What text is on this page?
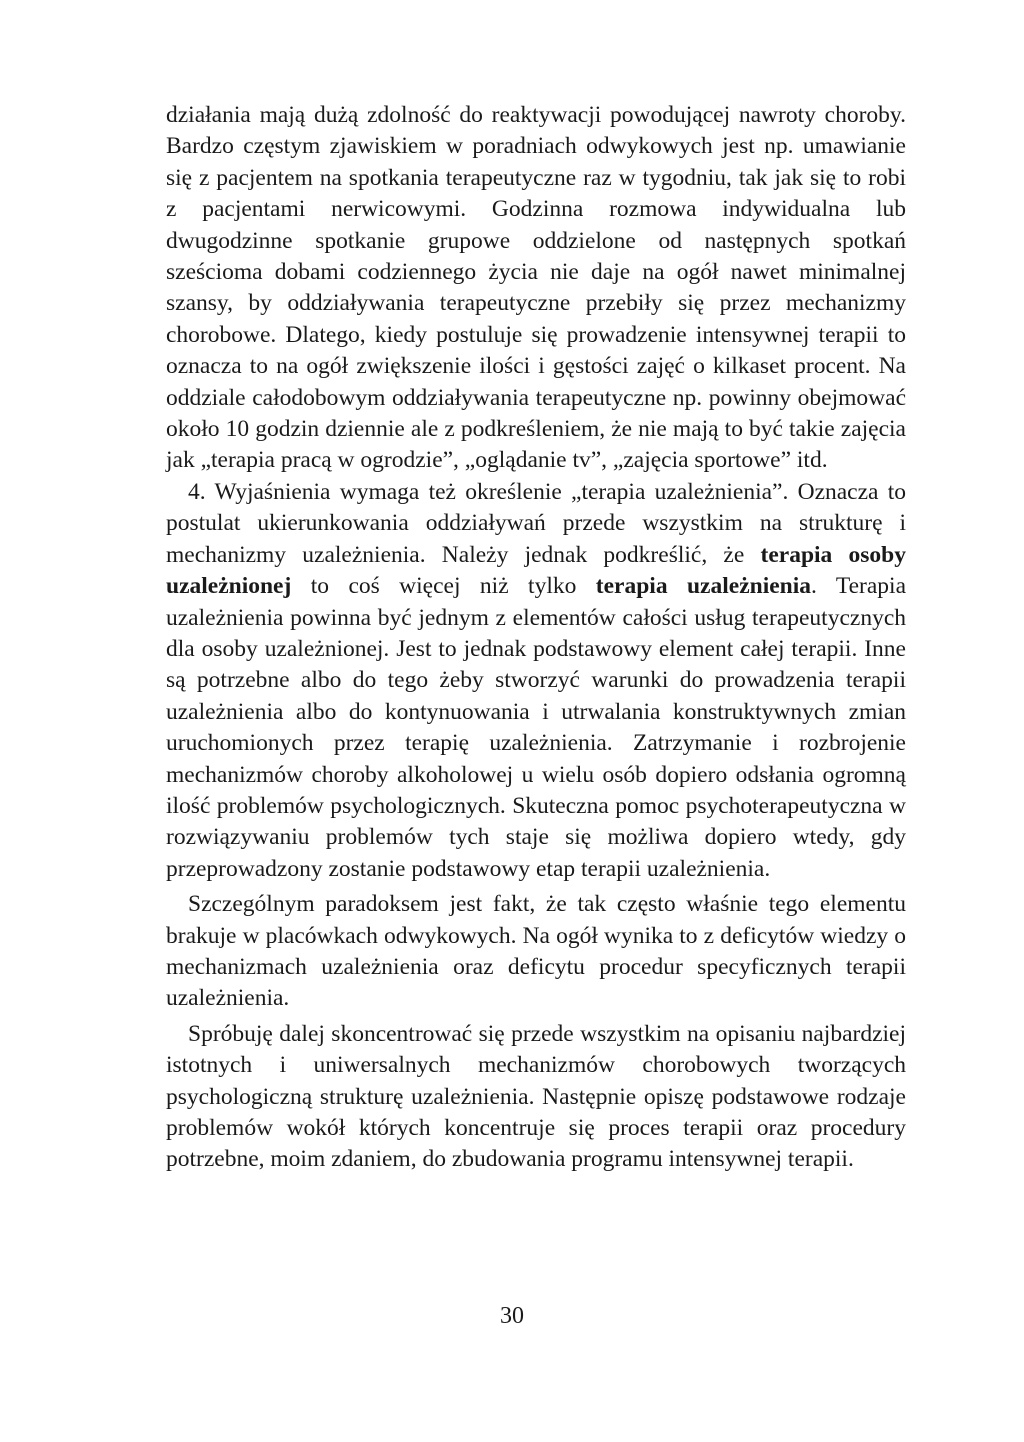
działania mają dużą zdolność do reaktywacji powodującej nawroty choroby. Bardzo częstym zjawiskiem w poradniach odwykowych jest np. umawianie się z pacjentem na spotkania terapeutyczne raz w tygodniu, tak jak się to robi z pacjentami nerwicowymi. Godzinna rozmowa indywidualna lub dwugodzinne spotkanie grupowe oddzielone od następnych spotkań sześcioma dobami codziennego życia nie daje na ogół nawet minimalnej szansy, by oddziaływania terapeutyczne przebiły się przez mechanizmy chorobowe. Dlatego, kiedy postuluje się prowadzenie intensywnej terapii to oznacza to na ogół zwiększenie ilości i gęstości zajęć o kilkaset procent. Na oddziale całodobowym oddziaływania terapeutyczne np. powinny obejmować około 10 godzin dziennie ale z podkreśleniem, że nie mają to być takie zajęcia jak „terapia pracą w ogrodzie”, „oglądanie tv”, „zajęcia sportowe” itd.

4. Wyjaśnienia wymaga też określenie „terapia uzależnienia”. Oznacza to postulat ukierunkowania oddziaływań przede wszystkim na strukturę i mechanizmy uzależnienia. Należy jednak podkreślić, że terapia osoby uzależnionej to coś więcej niż tylko terapia uzależnienia. Terapia uzależnienia powinna być jednym z elementów całości usług terapeutycznych dla osoby uzależnionej. Jest to jednak podstawowy element całej terapii. Inne są potrzebne albo do tego żeby stworzyć warunki do prowadzenia terapii uzależnienia albo do kontynuowania i utrwalania konstruktywnych zmian uruchomionych przez terapię uzależnienia. Zatrzymanie i rozbrojenie mechanizmów choroby alkoholowej u wielu osób dopiero odsłania ogromną ilość problemów psychologicznych. Skuteczna pomoc psychoterapeutyczna w rozwiązywaniu problemów tych staje się możliwa dopiero wtedy, gdy przeprowadzony zostanie podstawowy etap terapii uzależnienia.

Szczególnym paradoksem jest fakt, że tak często właśnie tego elementu brakuje w placówkach odwykowych. Na ogół wynika to z deficytów wiedzy o mechanizmach uzależnienia oraz deficytu procedur specyficznych terapii uzależnienia.

Spróbuję dalej skoncentrować się przede wszystkim na opisaniu najbardziej istotnych i uniwersalnych mechanizmów chorobowych tworzących psychologiczną strukturę uzależnienia. Następnie opiszę podstawowe rodzaje problemów wokół których koncentruje się proces terapii oraz procedury potrzebne, moim zdaniem, do zbudowania programu intensywnej terapii.

30
